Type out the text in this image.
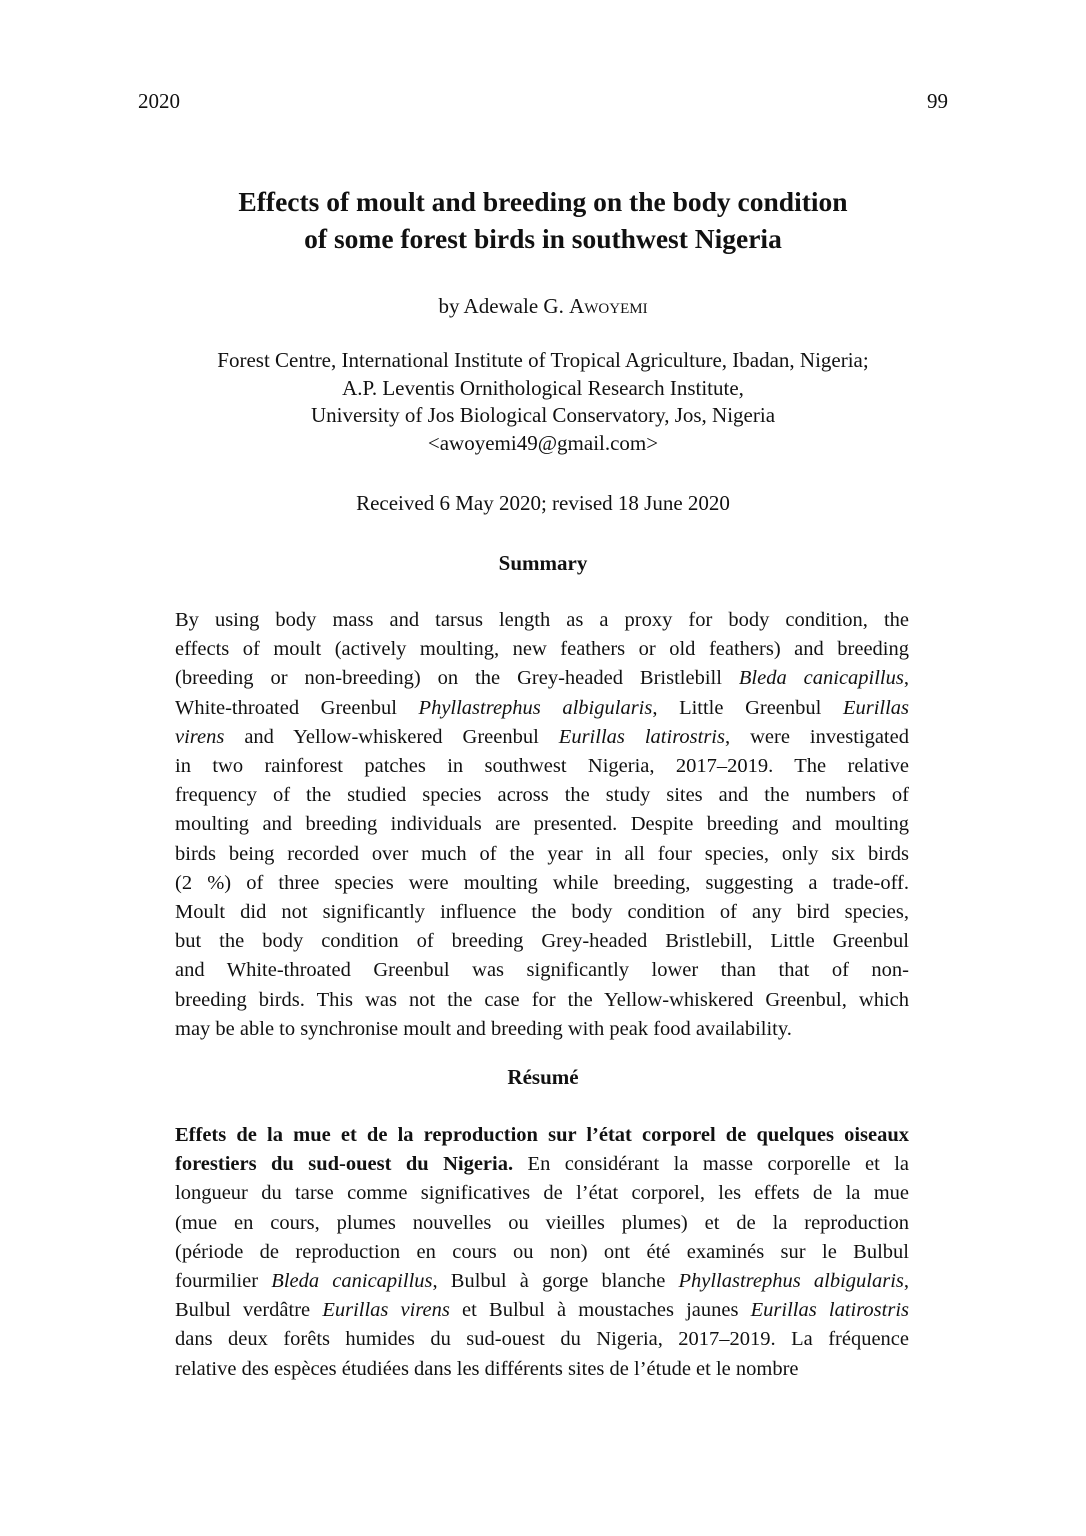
2020	99
Effects of moult and breeding on the body condition
of some forest birds in southwest Nigeria
by Adewale G. Awoyemi
Forest Centre, International Institute of Tropical Agriculture, Ibadan, Nigeria;
A.P. Leventis Ornithological Research Institute,
University of Jos Biological Conservatory, Jos, Nigeria
<awoyemi49@gmail.com>
Received 6 May 2020; revised 18 June 2020
Summary
By using body mass and tarsus length as a proxy for body condition, the
effects of moult (actively moulting, new feathers or old feathers) and breeding
(breeding or non-breeding) on the Grey-headed Bristlebill Bleda canicapillus,
White-throated Greenbul Phyllastrephus albigularis, Little Greenbul Eurillas
virens and Yellow-whiskered Greenbul Eurillas latirostris, were investigated
in two rainforest patches in southwest Nigeria, 2017–2019. The relative
frequency of the studied species across the study sites and the numbers of
moulting and breeding individuals are presented. Despite breeding and moulting
birds being recorded over much of the year in all four species, only six birds
(2 %) of three species were moulting while breeding, suggesting a trade-off.
Moult did not significantly influence the body condition of any bird species,
but the body condition of breeding Grey-headed Bristlebill, Little Greenbul
and White-throated Greenbul was significantly lower than that of non-
breeding birds. This was not the case for the Yellow-whiskered Greenbul, which
may be able to synchronise moult and breeding with peak food availability.
Résumé
Effets de la mue et de la reproduction sur l’état corporel de quelques oiseaux
forestiers du sud-ouest du Nigeria. En considérant la masse corporelle et la
longueur du tarse comme significatives de l’état corporel, les effets de la mue
(mue en cours, plumes nouvelles ou vieilles plumes) et de la reproduction
(période de reproduction en cours ou non) ont été examinés sur le Bulbul
fourmilier Bleda canicapillus, Bulbul à gorge blanche Phyllastrephus albigularis,
Bulbul verdâtre Eurillas virens et Bulbul à moustaches jaunes Eurillas latirostris
dans deux forêts humides du sud-ouest du Nigeria, 2017–2019. La fréquence
relative des espèces étudiées dans les différents sites de l’étude et le nombre
